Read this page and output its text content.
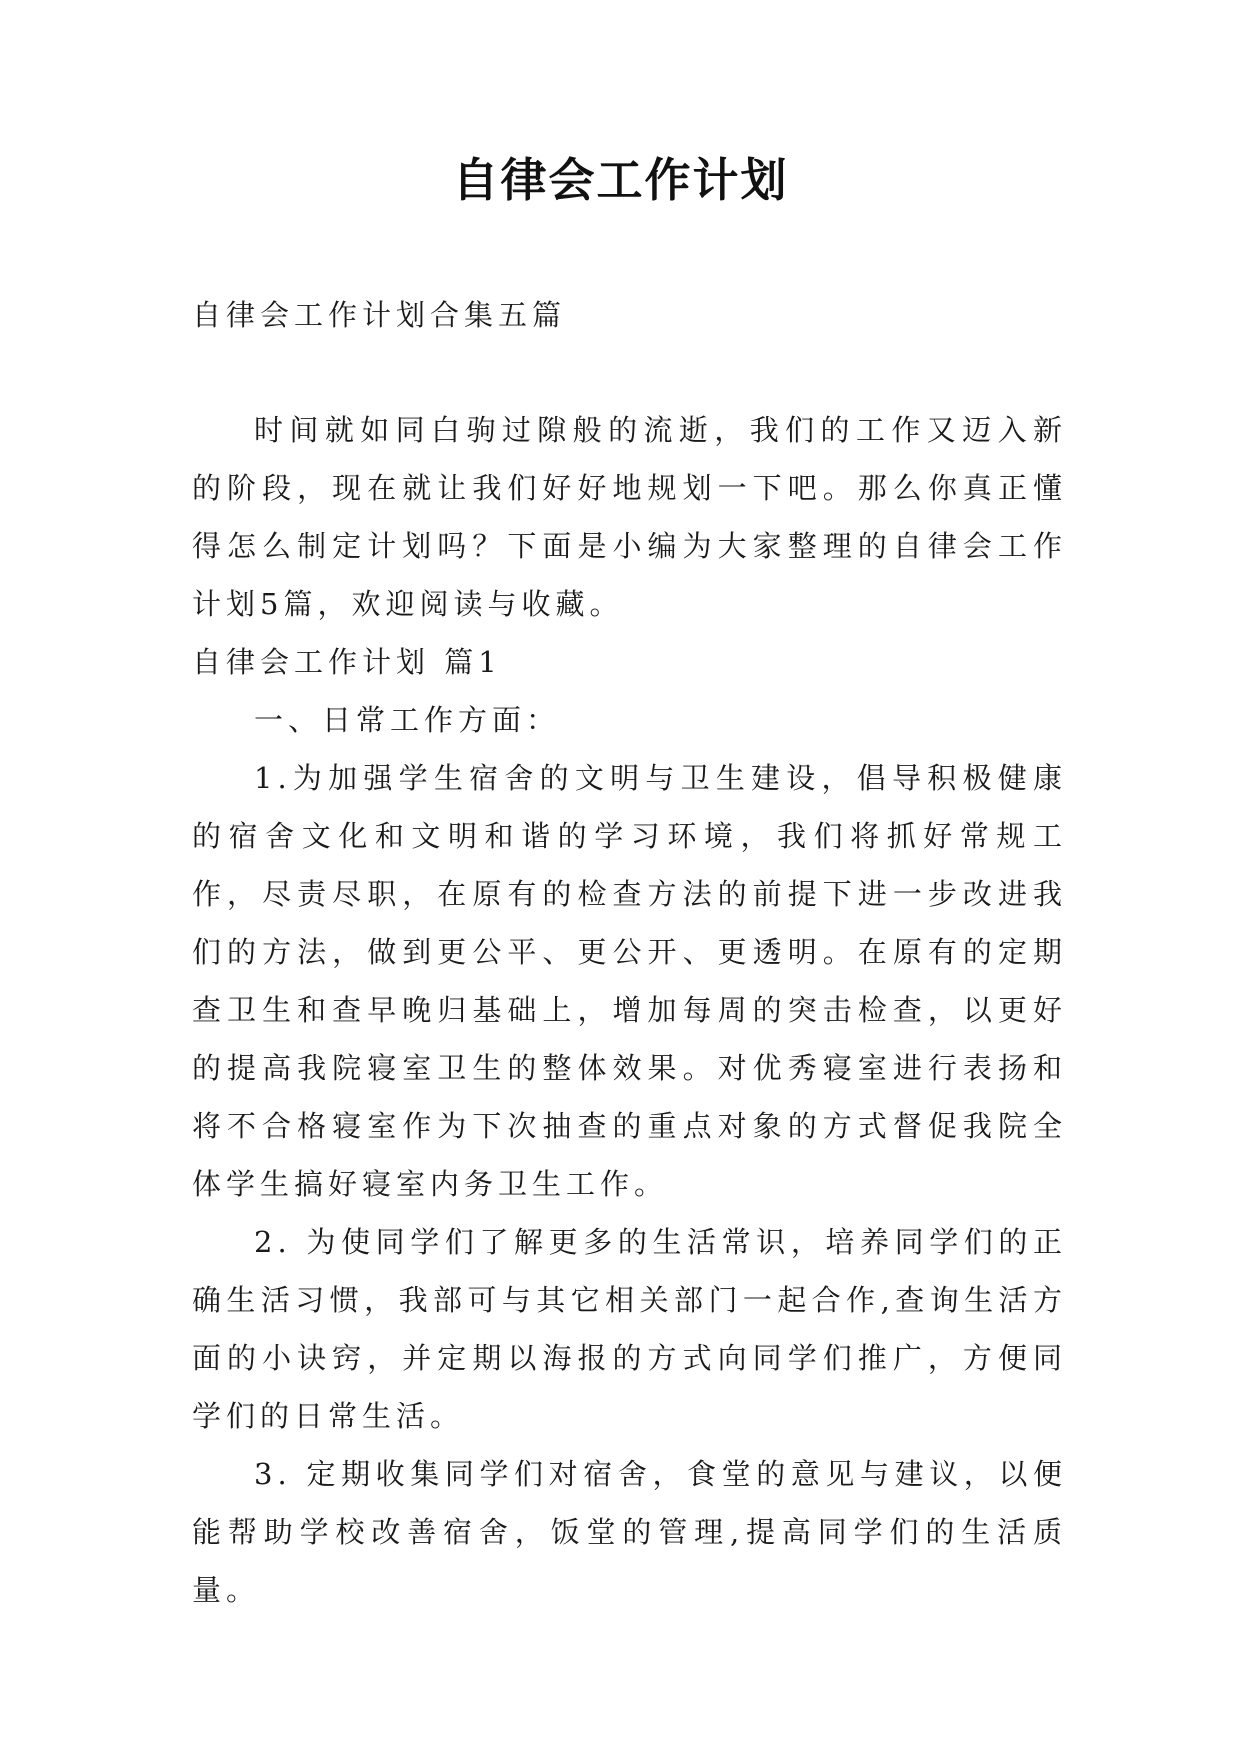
自律会工作计划
自律会工作计划合集五篇

时间就如同白驹过隙般的流逝，我们的工作又迈入新的阶段，现在就让我们好好地规划一下吧。那么你真正懂得怎么制定计划吗？下面是小编为大家整理的自律会工作计划5篇，欢迎阅读与收藏。

自律会工作计划 篇1

一、日常工作方面：

1.为加强学生宿舍的文明与卫生建设，倡导积极健康的宿舍文化和文明和谐的学习环境，我们将抓好常规工作，尽责尽职，在原有的检查方法的前提下进一步改进我们的方法，做到更公平、更公开、更透明。在原有的定期查卫生和查早晚归基础上，增加每周的突击检查，以更好的提高我院寝室卫生的整体效果。对优秀寝室进行表扬和将不合格寝室作为下次抽查的重点对象的方式督促我院全体学生搞好寝室内务卫生工作。

2. 为使同学们了解更多的生活常识，培养同学们的正确生活习惯，我部可与其它相关部门一起合作,查询生活方面的小诀窍，并定期以海报的方式向同学们推广，方便同学们的日常生活。

3. 定期收集同学们对宿舍，食堂的意见与建议，以便能帮助学校改善宿舍，饭堂的管理,提高同学们的生活质量。
